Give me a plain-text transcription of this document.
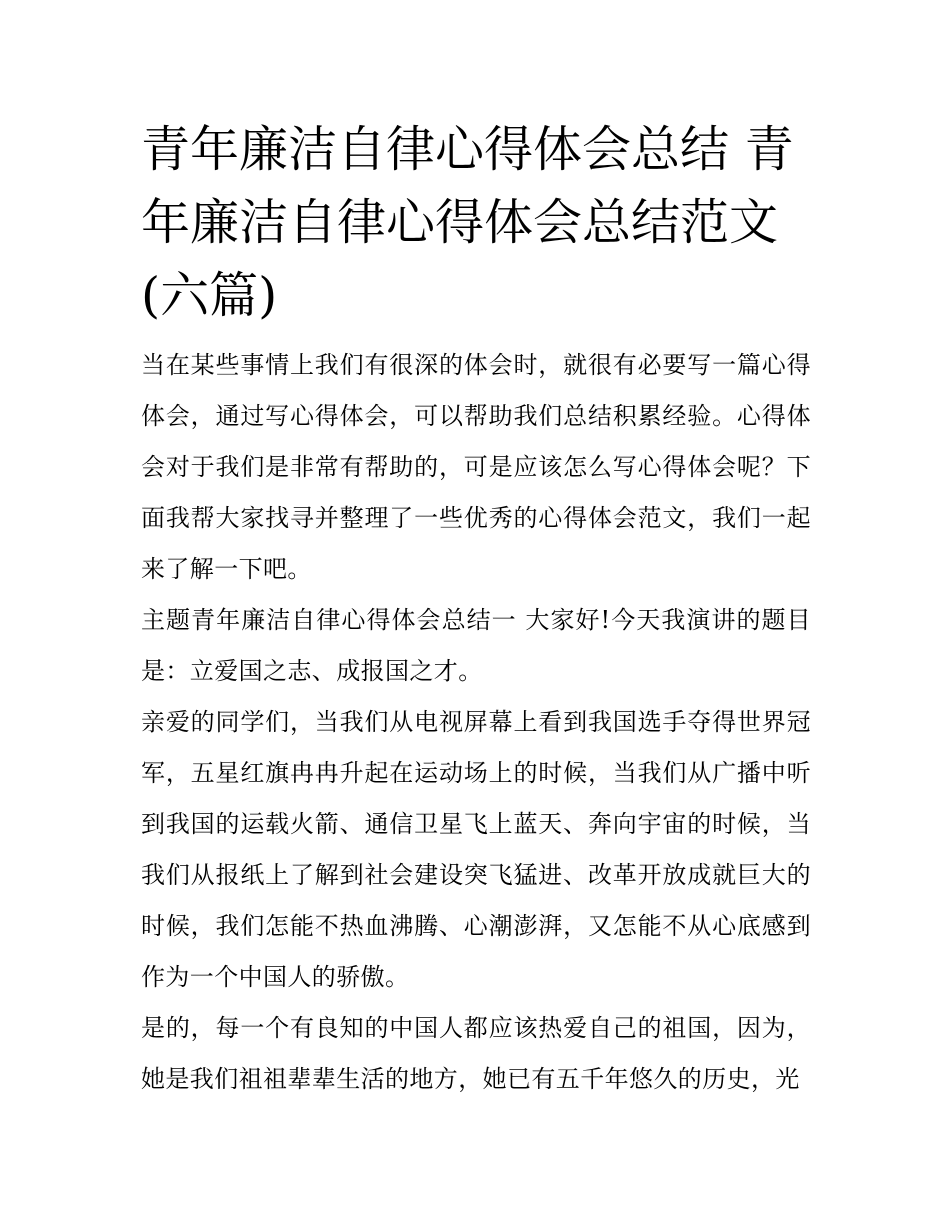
青年廉洁自律心得体会总结 青年廉洁自律心得体会总结范文(六篇)

当在某些事情上我们有很深的体会时，就很有必要写一篇心得体会，通过写心得体会，可以帮助我们总结积累经验。心得体会对于我们是非常有帮助的，可是应该怎么写心得体会呢？下面我帮大家找寻并整理了一些优秀的心得体会范文，我们一起来了解一下吧。

主题青年廉洁自律心得体会总结一 大家好!今天我演讲的题目是：立爱国之志、成报国之才。

亲爱的同学们，当我们从电视屏幕上看到我国选手夺得世界冠军，五星红旗冉冉升起在运动场上的时候，当我们从广播中听到我国的运载火箭、通信卫星飞上蓝天、奔向宇宙的时候，当我们从报纸上了解到社会建设突飞猛进、改革开放成就巨大的时候，我们怎能不热血沸腾、心潮澎湃，又怎能不从心底感到作为一个中国人的骄傲。

是的，每一个有良知的中国人都应该热爱自己的祖国，因为，她是我们祖祖辈辈生活的地方，她已有五千年悠久的历史，光
